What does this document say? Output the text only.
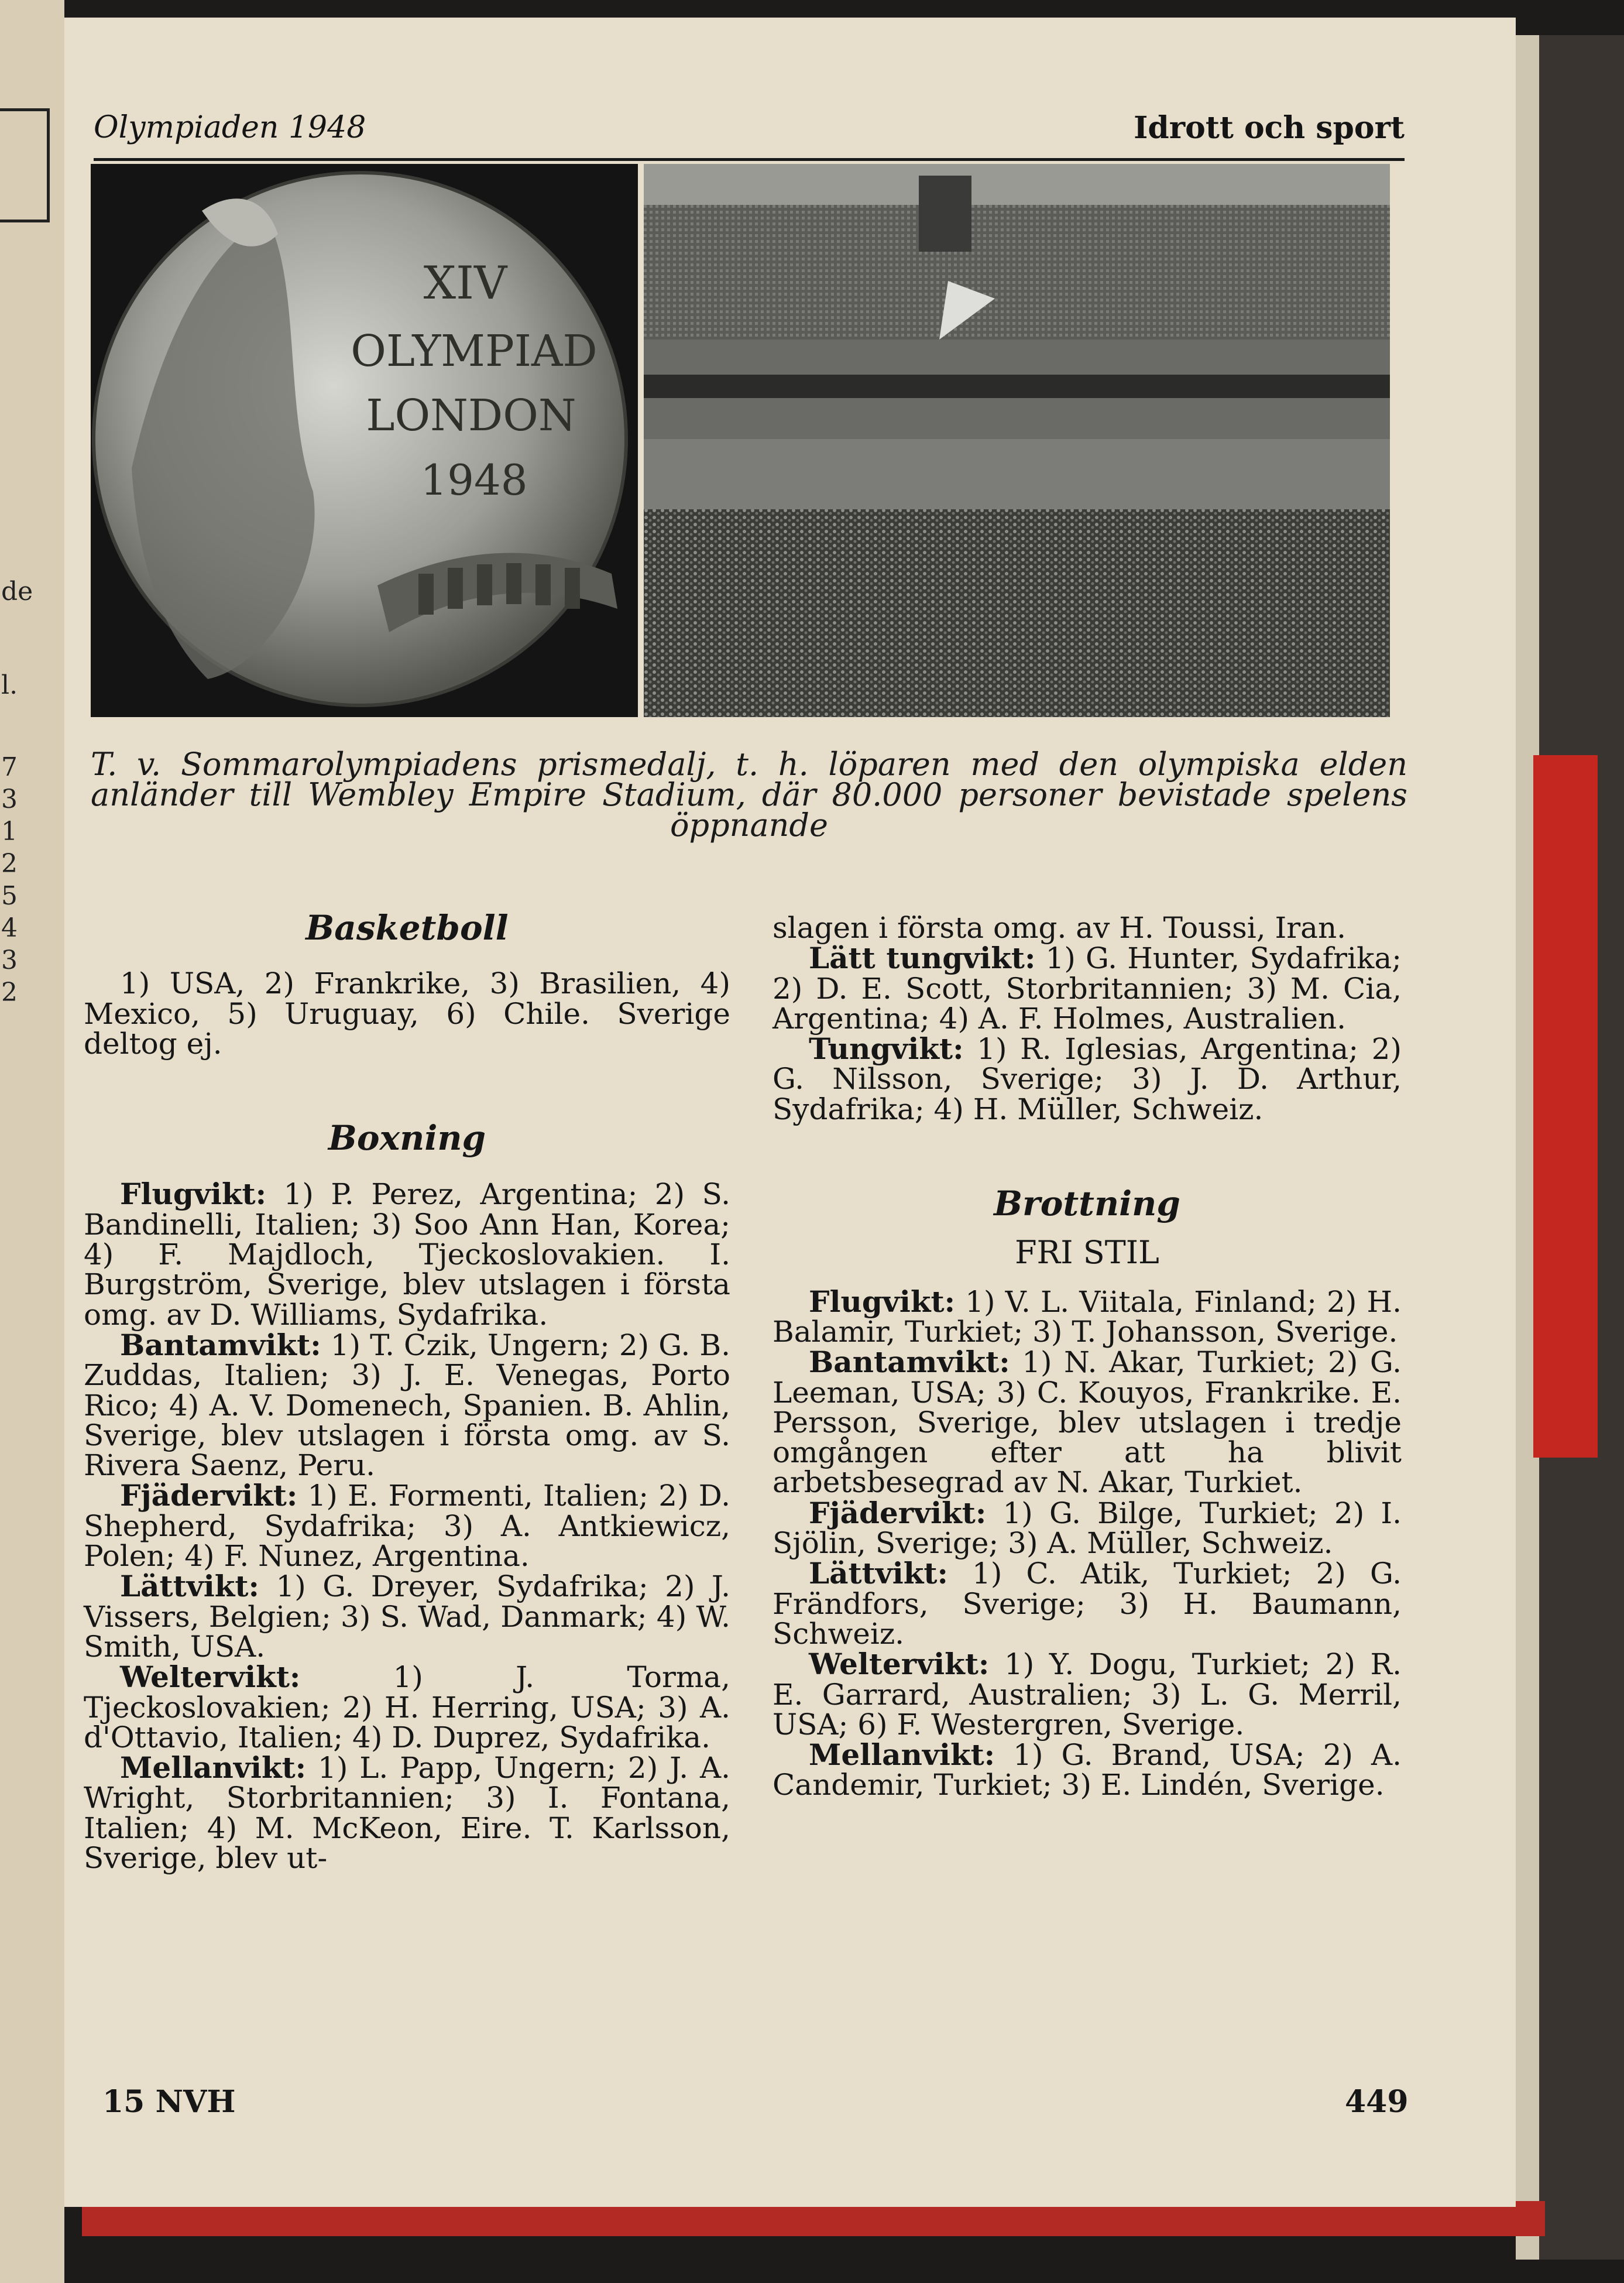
de
l.
7
3
1
2
5
4
3
2
Olympiaden 1948	Idrott och sport
XIV
OLYMPIAD
LONDON
1948
T. v. Sommarolympiadens prismedalj, t. h. löparen med den olympiska elden anländer till Wembley Empire Stadium, där 80.000 personer bevistade spelens öppnande

Basketboll

1) USA, 2) Frankrike, 3) Brasilien, 4) Mexico, 5) Uruguay, 6) Chile. Sverige deltog ej.

Boxning

Flugvikt: 1) P. Perez, Argentina; 2) S. Bandinelli, Italien; 3) Soo Ann Han, Korea; 4) F. Majdloch, Tjeckoslovakien. I. Burgström, Sverige, blev utslagen i första omg. av D. Williams, Sydafrika.

Bantamvikt: 1) T. Czik, Ungern; 2) G. B. Zuddas, Italien; 3) J. E. Venegas, Porto Rico; 4) A. V. Domenech, Spanien. B. Ahlin, Sverige, blev utslagen i första omg. av S. Rivera Saenz, Peru.

Fjädervikt: 1) E. Formenti, Italien; 2) D. Shepherd, Sydafrika; 3) A. Antkiewicz, Polen; 4) F. Nunez, Argentina.

Lättvikt: 1) G. Dreyer, Sydafrika; 2) J. Vissers, Belgien; 3) S. Wad, Danmark; 4) W. Smith, USA.

Weltervikt: 1) J. Torma, Tjeckoslovakien; 2) H. Herring, USA; 3) A. d'Ottavio, Italien; 4) D. Duprez, Sydafrika.

Mellanvikt: 1) L. Papp, Ungern; 2) J. A. Wright, Storbritannien; 3) I. Fontana, Italien; 4) M. McKeon, Eire. T. Karlsson, Sverige, blev ut-

slagen i första omg. av H. Toussi, Iran.

Lätt tungvikt: 1) G. Hunter, Sydafrika; 2) D. E. Scott, Storbritannien; 3) M. Cia, Argentina; 4) A. F. Holmes, Australien.

Tungvikt: 1) R. Iglesias, Argentina; 2) G. Nilsson, Sverige; 3) J. D. Arthur, Sydafrika; 4) H. Müller, Schweiz.

Brottning

FRI STIL

Flugvikt: 1) V. L. Viitala, Finland; 2) H. Balamir, Turkiet; 3) T. Johansson, Sverige.

Bantamvikt: 1) N. Akar, Turkiet; 2) G. Leeman, USA; 3) C. Kouyos, Frankrike. E. Persson, Sverige, blev utslagen i tredje omgången efter att ha blivit arbetsbesegrad av N. Akar, Turkiet.

Fjädervikt: 1) G. Bilge, Turkiet; 2) I. Sjölin, Sverige; 3) A. Müller, Schweiz.

Lättvikt: 1) C. Atik, Turkiet; 2) G. Frändfors, Sverige; 3) H. Baumann, Schweiz.

Weltervikt: 1) Y. Dogu, Turkiet; 2) R. E. Garrard, Australien; 3) L. G. Merril, USA; 6) F. Westergren, Sverige.

Mellanvikt: 1) G. Brand, USA; 2) A. Candemir, Turkiet; 3) E. Lindén, Sverige.

15 NVH	449
